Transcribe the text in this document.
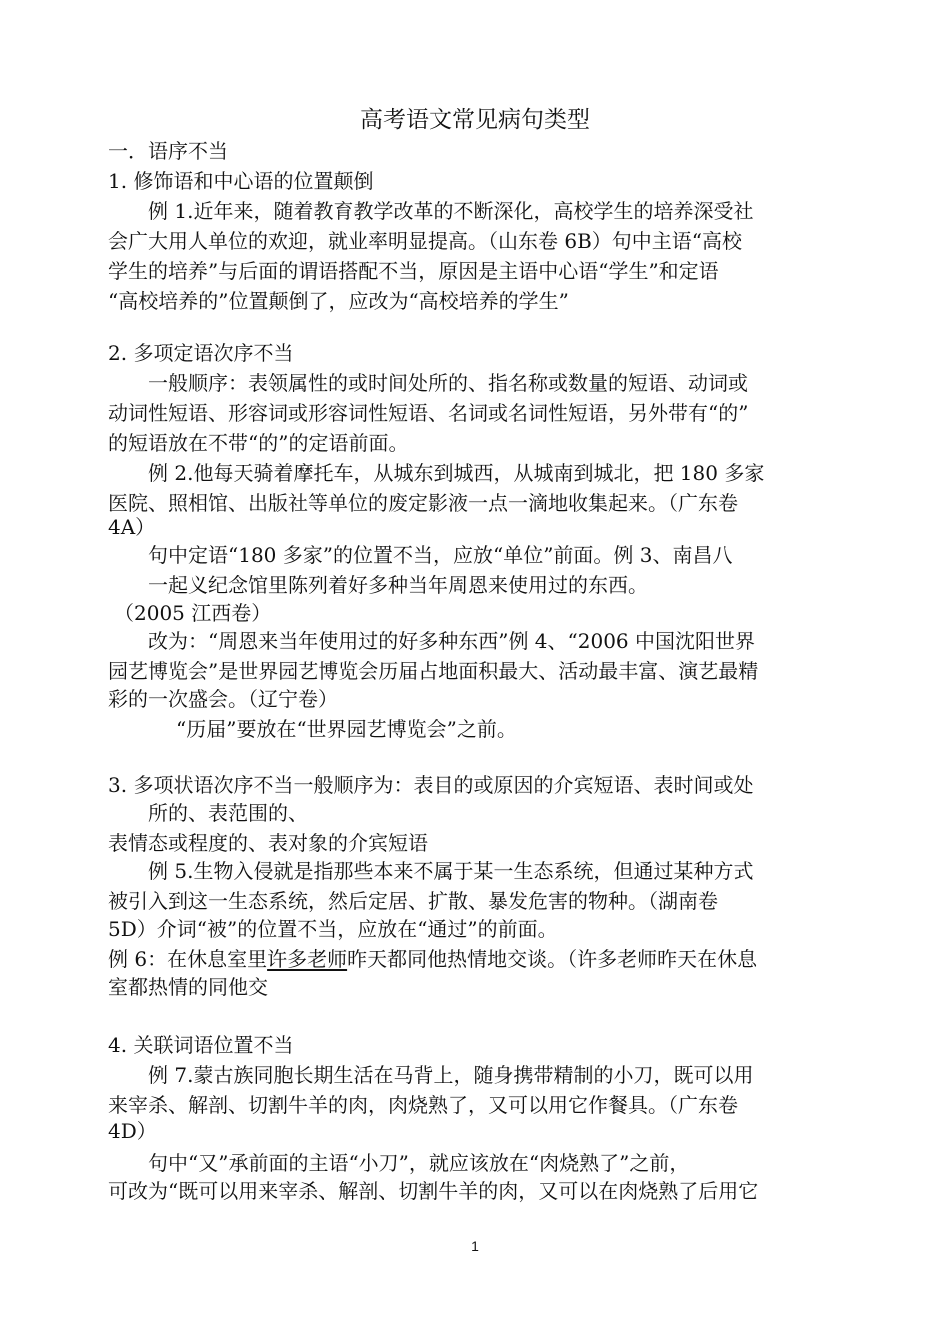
高考语文常见病句类型
一．语序不当
1. 修饰语和中心语的位置颠倒
例 1.近年来，随着教育教学改革的不断深化，高校学生的培养深受社
会广大用人单位的欢迎，就业率明显提高。（山东卷 6B）句中主语“高校
学生的培养”与后面的谓语搭配不当，原因是主语中心语“学生”和定语
“高校培养的”位置颠倒了，应改为“高校培养的学生”
2. 多项定语次序不当
一般顺序：表领属性的或时间处所的、指名称或数量的短语、动词或
动词性短语、形容词或形容词性短语、名词或名词性短语，另外带有“的”
的短语放在不带“的”的定语前面。
例 2.他每天骑着摩托车，从城东到城西，从城南到城北，把 180 多家
医院、照相馆、出版社等单位的废定影液一点一滴地收集起来。（广东卷
4A）
句中定语“180 多家”的位置不当，应放“单位”前面。例 3、南昌八
一起义纪念馆里陈列着好多种当年周恩来使用过的东西。
（2005 江西卷）
改为：“周恩来当年使用过的好多种东西”例 4、“2006 中国沈阳世界
园艺博览会”是世界园艺博览会历届占地面积最大、活动最丰富、演艺最精
彩的一次盛会。（辽宁卷）
“历届”要放在“世界园艺博览会”之前。
3. 多项状语次序不当一般顺序为：表目的或原因的介宾短语、表时间或处
所的、表范围的、
表情态或程度的、表对象的介宾短语
例 5.生物入侵就是指那些本来不属于某一生态系统，但通过某种方式
被引入到这一生态系统，然后定居、扩散、暴发危害的物种。（湖南卷
5D）介词“被”的位置不当，应放在“通过”的前面。
例 6：在休息室里许多老师昨天都同他热情地交谈。（许多老师昨天在休息
室都热情的同他交
4. 关联词语位置不当
例 7.蒙古族同胞长期生活在马背上，随身携带精制的小刀，既可以用
来宰杀、解剖、切割牛羊的肉，肉烧熟了，又可以用它作餐具。（广东卷
4D）
句中“又”承前面的主语“小刀”，就应该放在“肉烧熟了”之前，
可改为“既可以用来宰杀、解剖、切割牛羊的肉，又可以在肉烧熟了后用它
1
